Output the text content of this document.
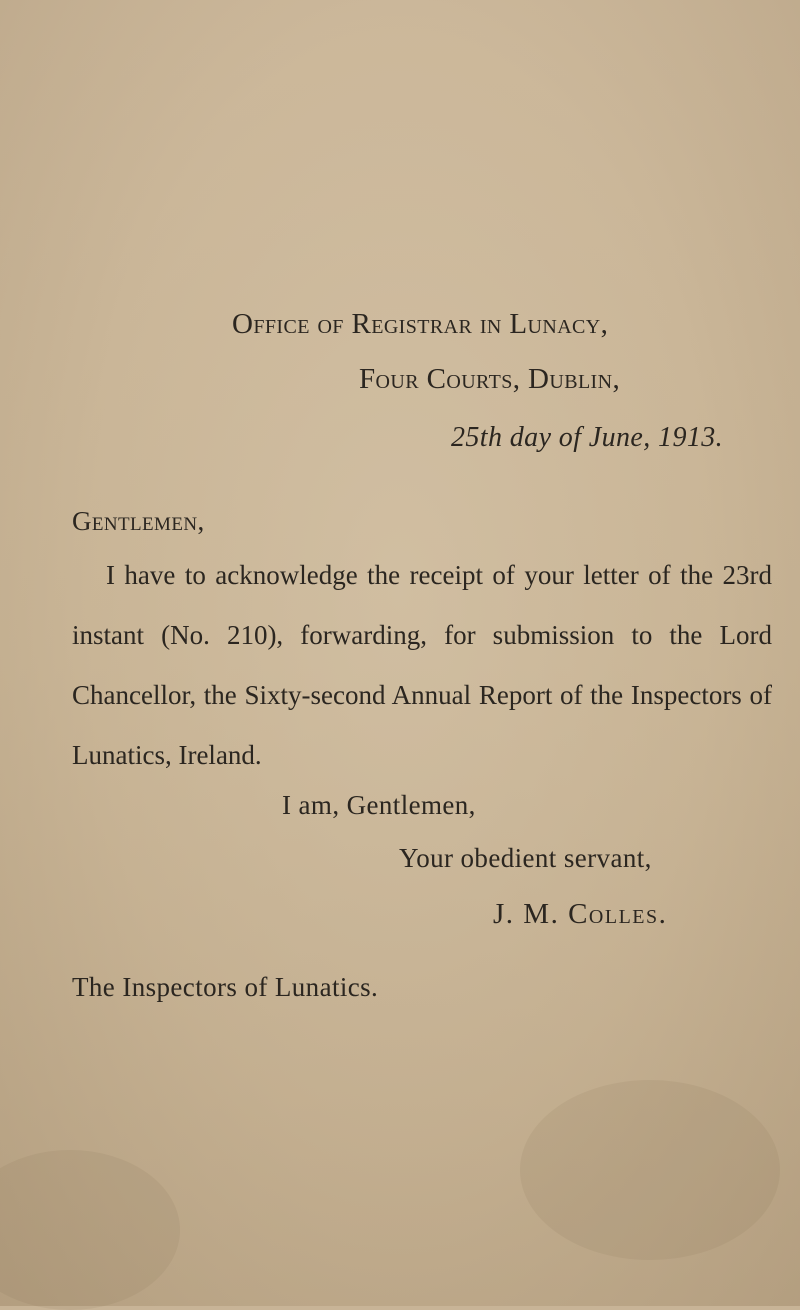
Office of Registrar in Lunacy,
Four Courts, Dublin,
25th day of June, 1913.
Gentlemen,

I have to acknowledge the receipt of your letter of the 23rd instant (No. 210), forwarding, for submission to the Lord Chancellor, the Sixty-second Annual Report of the Inspectors of Lunatics, Ireland.

I am, Gentlemen,
Your obedient servant,
J. M. Colles.
The Inspectors of Lunatics.
